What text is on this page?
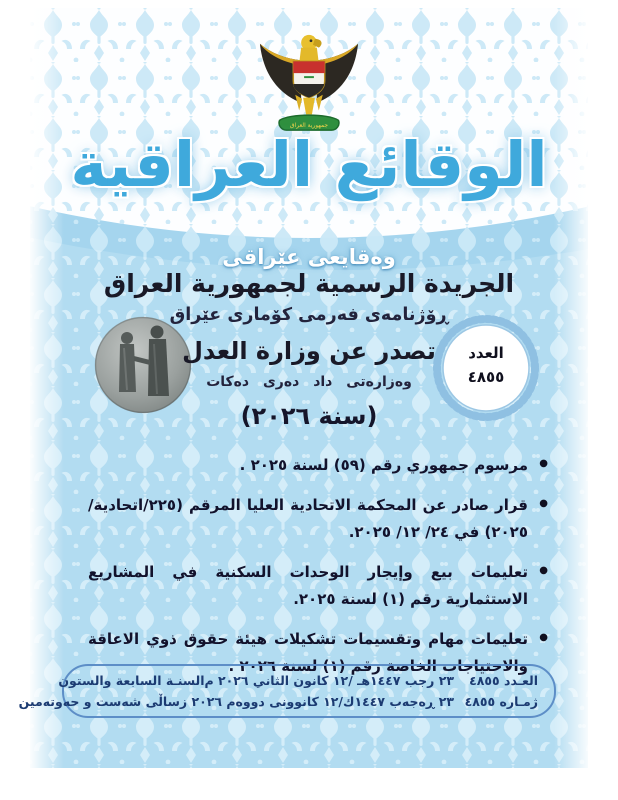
جمهورية العراق
الوقائع العراقية
وه‌قايعى عێراقى
الجريدة الرسمية لجمهورية العراق
ڕۆژنامه‌ی فه‌رمی كۆماری عێراق
العدد
٤٨٥٥
تصدر عن وزارة العدل
وه‌زاره‌تی داد ده‌ری ده‌كات
(سنة ٢٠٢٦)
● مرسوم جمهوري رقم (٥٩) لسنة ٢٠٢٥ .
● قرار صادر عن المحكمة الاتحادية العليا المرقم (٢٢٥/اتحادية/٢٠٢٥) في ٢٤/ ١٢/ ٢٠٢٥.
● تعليمات بيع وإيجار الوحدات السكنية في المشاريع الاستثمارية رقم (١) لسنة ٢٠٢٥.
● تعليمات مهام وتقسيمات تشكيلات هيئة حقوق ذوي الاعاقة والاحتياجات الخاصة رقم (١) لسنة ٢٠٢٦ .
العـدد ٤٨٥٥
٢٣ رجب ١٤٤٧هـ /١٢ كانون الثاني ٢٠٢٦ م
السنـة السابعة والستون
ژمـاره ٤٨٥٥
٢٣ ڕه‌جه‌ب ١٤٤٧ك/١٢ كانوونى دووه‌م ٢٠٢٦ ز
ساڵى شه‌ست و حه‌وته‌مين
